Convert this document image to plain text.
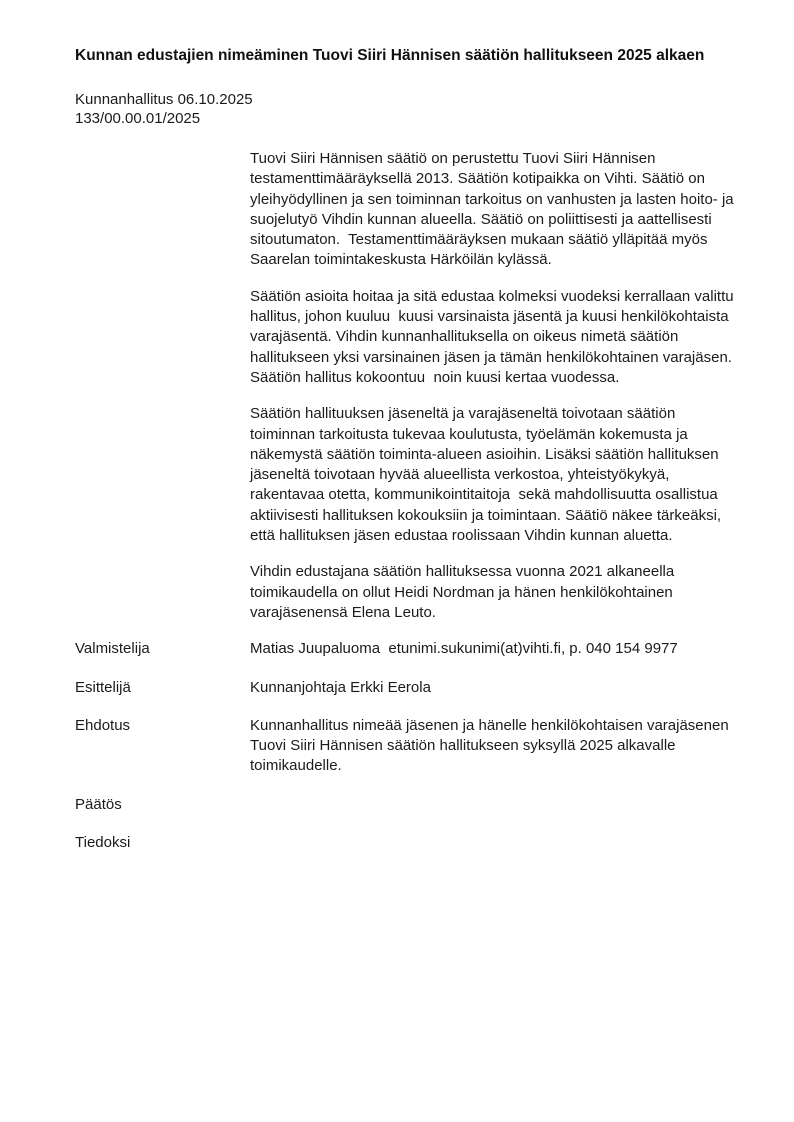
Kunnan edustajien nimeäminen Tuovi Siiri Hännisen säätiön hallitukseen 2025 alkaen
Kunnanhallitus 06.10.2025
133/00.00.01/2025

Tuovi Siiri Hännisen säätiö on perustettu Tuovi Siiri Hännisen testamenttimääräyksellä 2013. Säätiön kotipaikka on Vihti. Säätiö on yleihyödyllinen ja sen toiminnan tarkoitus on vanhusten ja lasten hoito- ja suojelutyö Vihdin kunnan alueella. Säätiö on poliittisesti ja aattellisesti sitoutumaton.  Testamenttimääräyksen mukaan säätiö ylläpitää myös Saarelan toimintakeskusta Härköilän kylässä.

Säätiön asioita hoitaa ja sitä edustaa kolmeksi vuodeksi kerrallaan valittu hallitus, johon kuuluu  kuusi varsinaista jäsentä ja kuusi henkilökohtaista varajäsentä. Vihdin kunnanhallituksella on oikeus nimetä säätiön hallitukseen yksi varsinainen jäsen ja tämän henkilökohtainen varajäsen. Säätiön hallitus kokoontuu  noin kuusi kertaa vuodessa.

Säätiön hallituuksen jäseneltä ja varajäseneltä toivotaan säätiön toiminnan tarkoitusta tukevaa koulutusta, työelämän kokemusta ja näkemystä säätiön toiminta-alueen asioihin. Lisäksi säätiön hallituksen jäseneltä toivotaan hyvää alueellista verkostoa, yhteistyökykyä, rakentavaa otetta, kommunikointitaitoja  sekä mahdollisuutta osallistua aktiivisesti hallituksen kokouksiin ja toimintaan. Säätiö näkee tärkeäksi, että hallituksen jäsen edustaa roolissaan Vihdin kunnan aluetta.

Vihdin edustajana säätiön hallituksessa vuonna 2021 alkaneella toimikaudella on ollut Heidi Nordman ja hänen henkilökohtainen varajäsenensä Elena Leuto.

Valmistelija	Matias Juupaluoma  etunimi.sukunimi(at)vihti.fi, p. 040 154 9977
Esittelijä	Kunnanjohtaja Erkki Eerola
Ehdotus	Kunnanhallitus nimeää jäsenen ja hänelle henkilökohtaisen varajäsenen Tuovi Siiri Hännisen säätiön hallitukseen syksyllä 2025 alkavalle toimikaudelle.
Päätös
Tiedoksi
